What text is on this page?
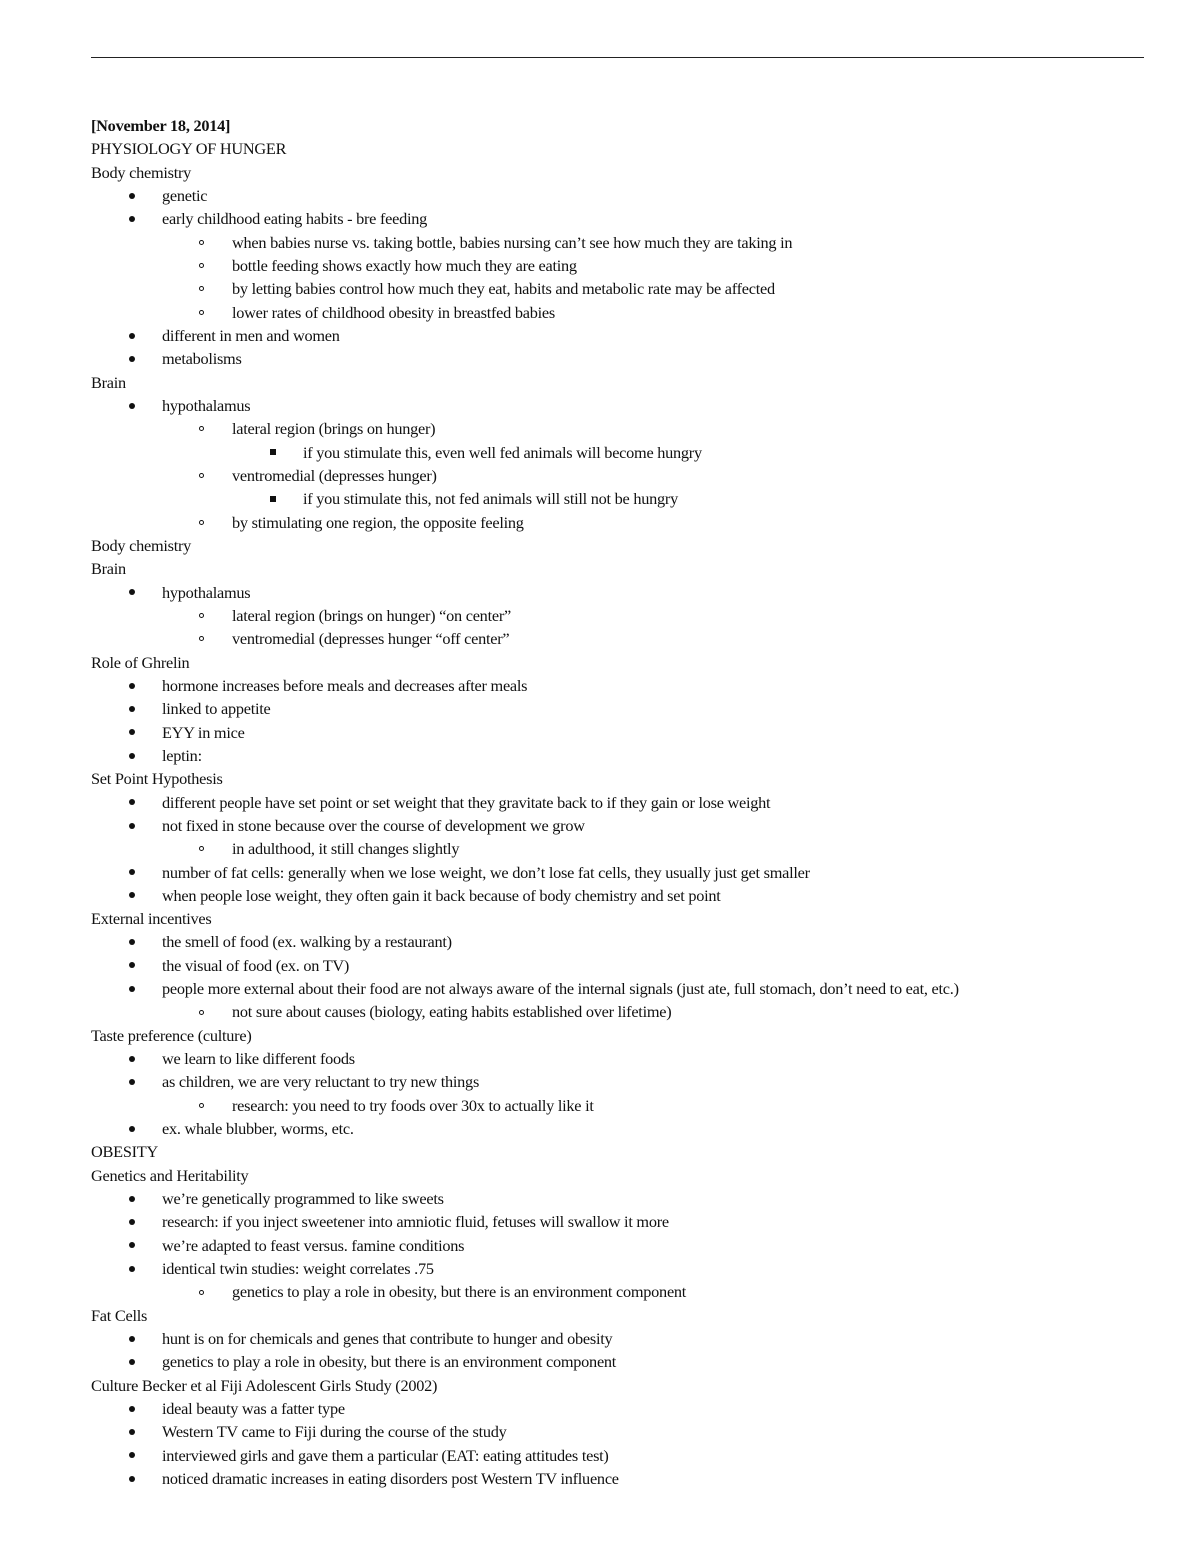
[November 18, 2014]
PHYSIOLOGY OF HUNGER
Body chemistry
genetic
early childhood eating habits - bre feeding
when babies nurse vs. taking bottle, babies nursing can’t see how much they are taking in
bottle feeding shows exactly how much they are eating
by letting babies control how much they eat, habits and metabolic rate may be affected
lower rates of childhood obesity in breastfed babies
different in men and women
metabolisms
Brain
hypothalamus
lateral region (brings on hunger)
if you stimulate this, even well fed animals will become hungry
ventromedial (depresses hunger)
if you stimulate this, not fed animals will still not be hungry
by stimulating one region, the opposite feeling
Body chemistry
Brain
hypothalamus
lateral region (brings on hunger) “on center”
ventromedial (depresses hunger “off center”
Role of Ghrelin
hormone increases before meals and decreases after meals
linked to appetite
EYY in mice
leptin:
Set Point Hypothesis
different people have set point or set weight that they gravitate back to if they gain or lose weight
not fixed in stone because over the course of development we grow
in adulthood, it still changes slightly
number of fat cells: generally when we lose weight, we don’t lose fat cells, they usually just get smaller
when people lose weight, they often gain it back because of body chemistry and set point
External incentives
the smell of food (ex. walking by a restaurant)
the visual of food (ex. on TV)
people more external about their food are not always aware of the internal signals (just ate, full stomach, don’t need to eat, etc.)
not sure about causes (biology, eating habits established over lifetime)
Taste preference (culture)
we learn to like different foods
as children, we are very reluctant to try new things
research: you need to try foods over 30x to actually like it
ex. whale blubber, worms, etc.
OBESITY
Genetics and Heritability
we’re genetically programmed to like sweets
research: if you inject sweetener into amniotic fluid, fetuses will swallow it more
we’re adapted to feast versus. famine conditions
identical twin studies: weight correlates .75
genetics to play a role in obesity, but there is an environment component
Fat Cells
hunt is on for chemicals and genes that contribute to hunger and obesity
genetics to play a role in obesity, but there is an environment component
Culture Becker et al Fiji Adolescent Girls Study (2002)
ideal beauty was a fatter type
Western TV came to Fiji during the course of the study
interviewed girls and gave them a particular (EAT: eating attitudes test)
noticed dramatic increases in eating disorders post Western TV influence
